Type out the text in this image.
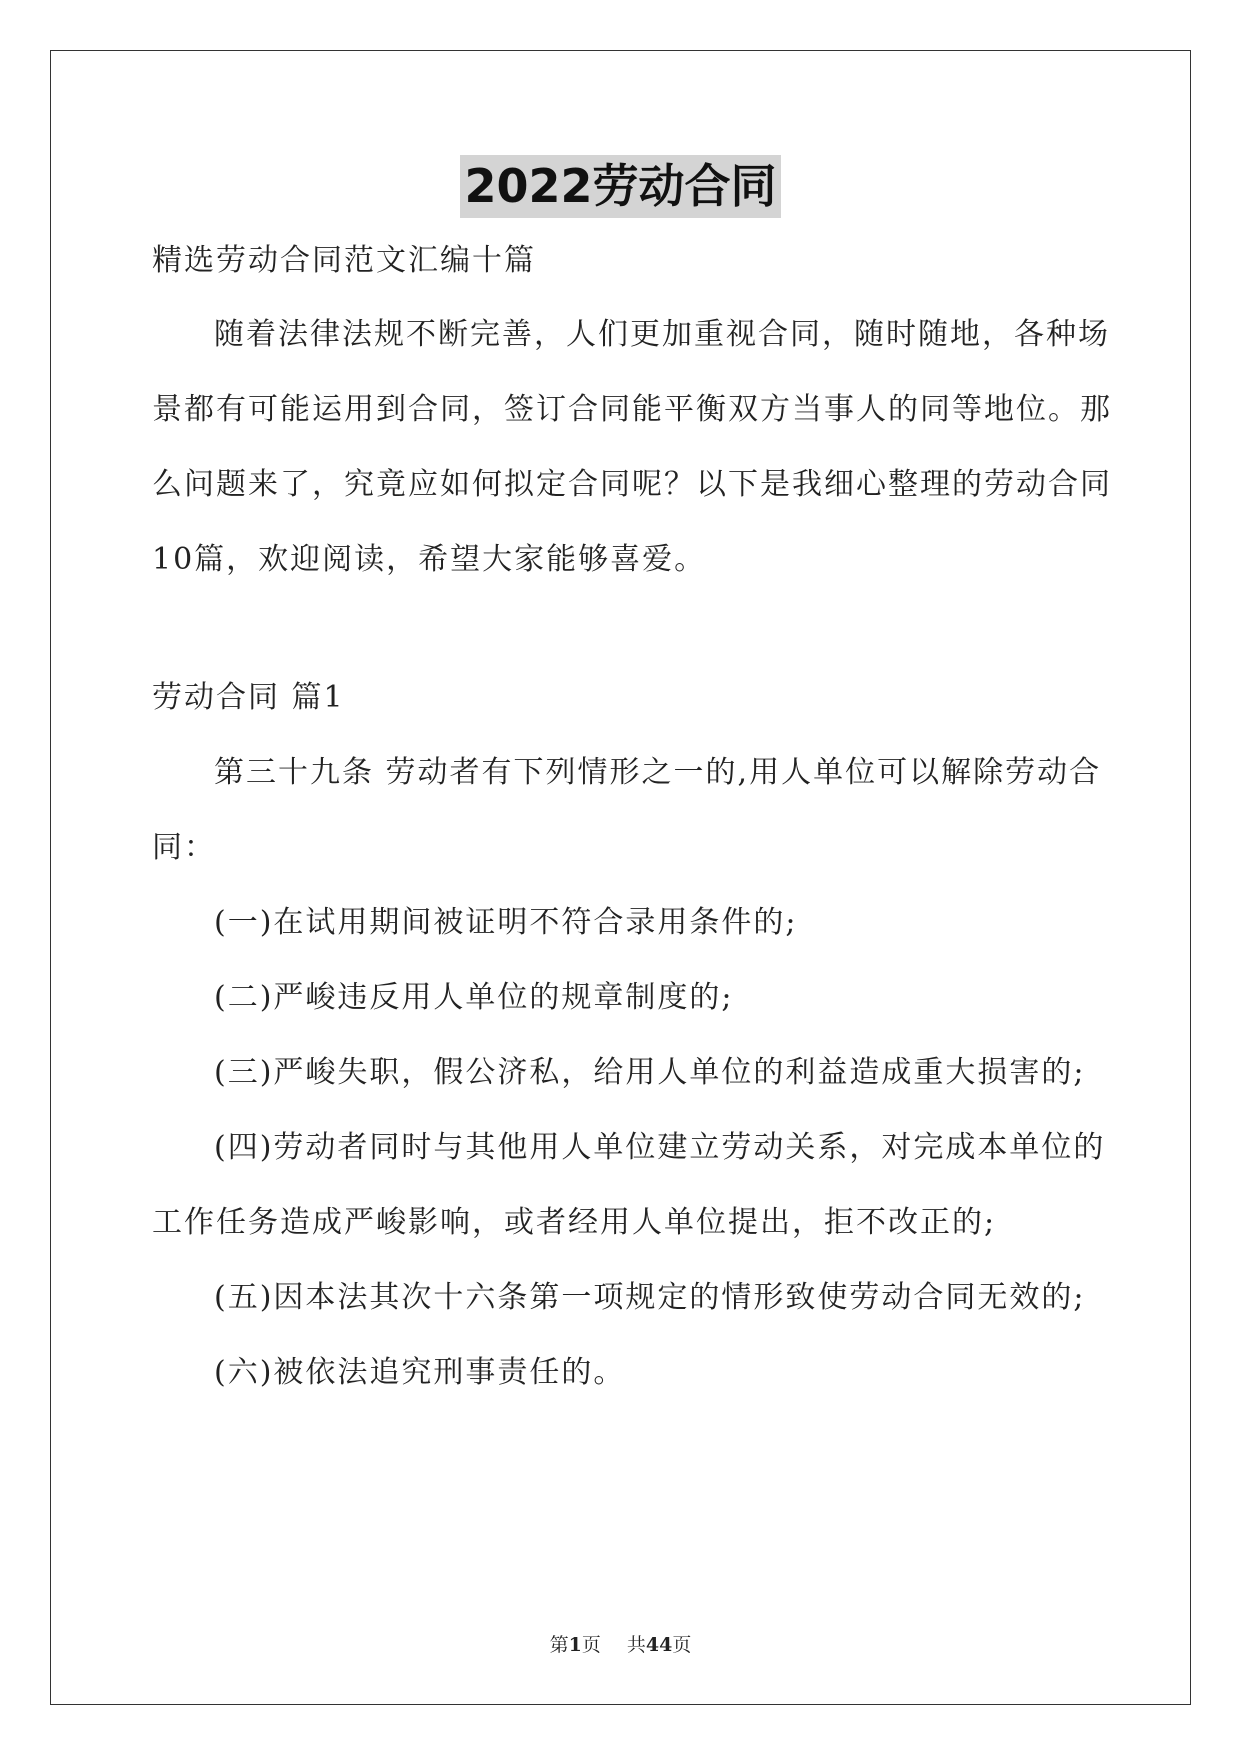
2022劳动合同
精选劳动合同范文汇编十篇
随着法律法规不断完善，人们更加重视合同，随时随地，各种场
景都有可能运用到合同，签订合同能平衡双方当事人的同等地位。那
么问题来了，究竟应如何拟定合同呢？以下是我细心整理的劳动合同
10篇，欢迎阅读，希望大家能够喜爱。
劳动合同 篇1
第三十九条 劳动者有下列情形之一的,用人单位可以解除劳动合
同：
(一)在试用期间被证明不符合录用条件的;
(二)严峻违反用人单位的规章制度的;
(三)严峻失职，假公济私，给用人单位的利益造成重大损害的;
(四)劳动者同时与其他用人单位建立劳动关系，对完成本单位的
工作任务造成严峻影响，或者经用人单位提出，拒不改正的;
(五)因本法其次十六条第一项规定的情形致使劳动合同无效的;
(六)被依法追究刑事责任的。
第1页 共44页
